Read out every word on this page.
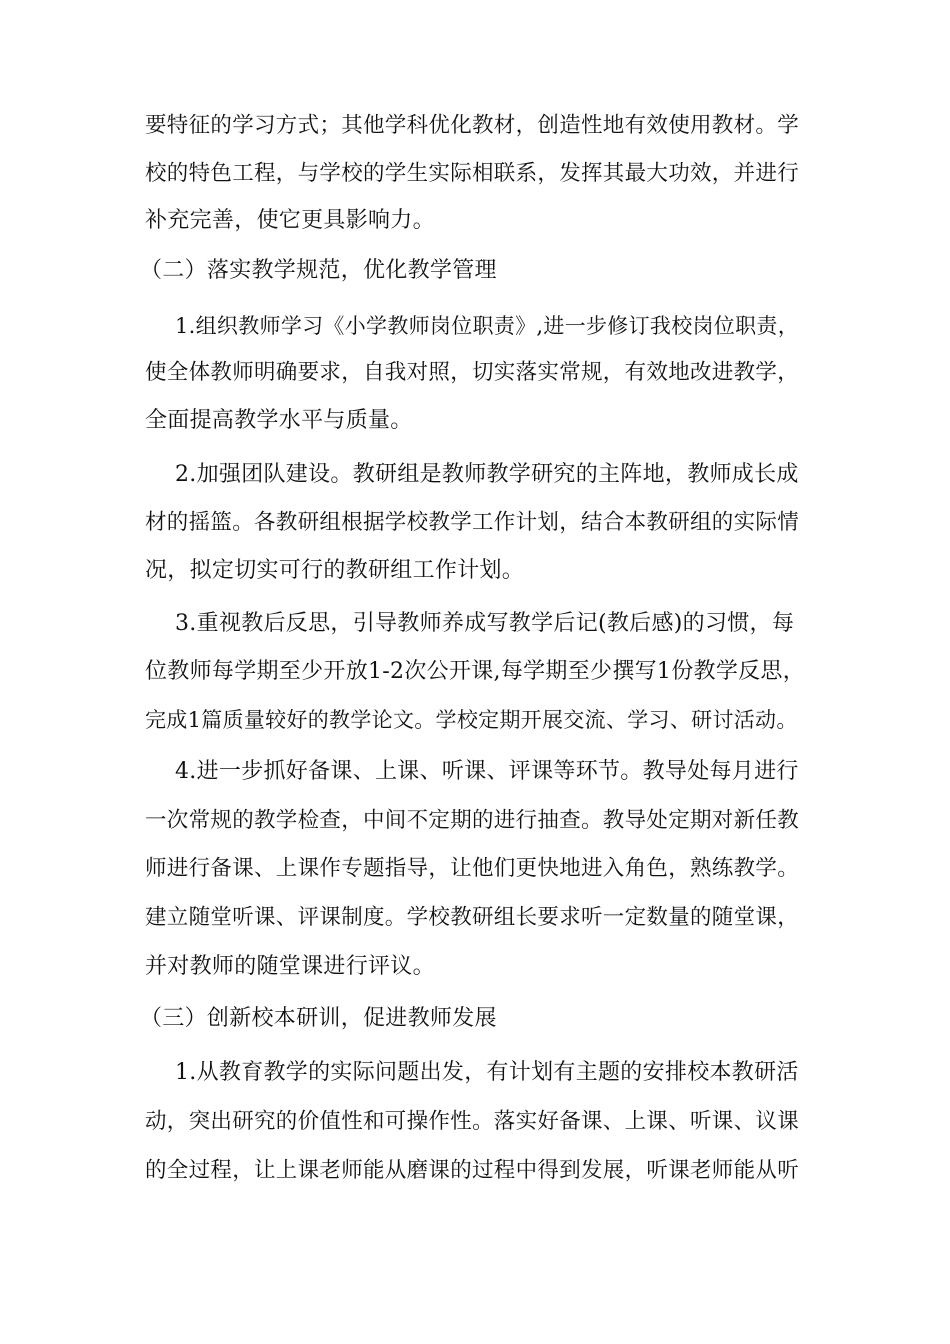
要特征的学习方式；其他学科优化教材，创造性地有效使用教材。学
校的特色工程，与学校的学生实际相联系，发挥其最大功效，并进行
补充完善，使它更具影响力。
（二）落实教学规范，优化教学管理
1.组织教师学习《小学教师岗位职责》,进一步修订我校岗位职责，
使全体教师明确要求，自我对照，切实落实常规，有效地改进教学，
全面提高教学水平与质量。
2.加强团队建设。教研组是教师教学研究的主阵地，教师成长成
材的摇篮。各教研组根据学校教学工作计划，结合本教研组的实际情
况，拟定切实可行的教研组工作计划。
3.重视教后反思，引导教师养成写教学后记(教后感)的习惯，每
位教师每学期至少开放1-2次公开课,每学期至少撰写1份教学反思，
完成1篇质量较好的教学论文。学校定期开展交流、学习、研讨活动。
4.进一步抓好备课、上课、听课、评课等环节。教导处每月进行
一次常规的教学检查，中间不定期的进行抽查。教导处定期对新任教
师进行备课、上课作专题指导，让他们更快地进入角色，熟练教学。
建立随堂听课、评课制度。学校教研组长要求听一定数量的随堂课，
并对教师的随堂课进行评议。
（三）创新校本研训，促进教师发展
1.从教育教学的实际问题出发，有计划有主题的安排校本教研活
动，突出研究的价值性和可操作性。落实好备课、上课、听课、议课
的全过程，让上课老师能从磨课的过程中得到发展，听课老师能从听
